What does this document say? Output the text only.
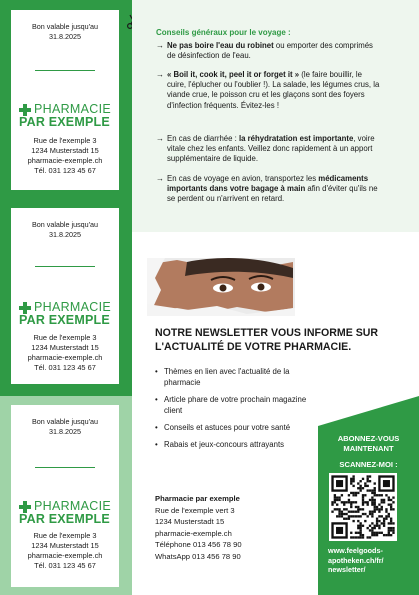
Bon valable jusqu'au
31.8.2025
PHARMACIE
PAR EXEMPLE
Rue de l'exemple 3
1234 Musterstadt 15
pharmacie-exemple.ch
Tél. 031 123 45 67
Bon valable jusqu'au
31.8.2025
PHARMACIE
PAR EXEMPLE
Rue de l'exemple 3
1234 Musterstadt 15
pharmacie-exemple.ch
Tél. 031 123 45 67
Bon valable jusqu'au
31.8.2025
PHARMACIE
PAR EXEMPLE
Rue de l'exemple 3
1234 Musterstadt 15
pharmacie-exemple.ch
Tél. 031 123 45 67
Conseils généraux pour le voyage :
→ Ne pas boire l'eau du robinet ou emporter des comprimés de désinfection de l'eau.
→ « Boil it, cook it, peel it or forget it » (le faire bouillir, le cuire, l'éplucher ou l'oublier !). La salade, les légumes crus, la viande crue, le poisson cru et les glaçons sont des foyers d'infection fréquents. Évitez-les !
→ En cas de diarrhée : la réhydratation est importante, voire vitale chez les enfants. Veillez donc rapidement à un apport supplémentaire de liquide.
→ En cas de voyage en avion, transportez les médicaments importants dans votre bagage à main afin d'éviter qu'ils ne se perdent ou n'arrivent en retard.
NOTRE NEWSLETTER VOUS INFORME SUR L'ACTUALITÉ DE VOTRE PHARMACIE.
• Thèmes en lien avec l'actualité de la pharmacie
• Article phare de votre prochain magazine client
• Conseils et astuces pour votre santé
• Rabais et jeux-concours attrayants
Pharmacie par exemple
Rue de l'exemple vert 3
1234 Musterstadt 15
pharmacie-exemple.ch
Téléphone 013 456 78 90
WhatsApp 013 456 78 90
ABONNEZ-VOUS
MAINTENANT
SCANNEZ-MOI :
www.feelgoods-
apotheken.ch/fr/
newsletter/
